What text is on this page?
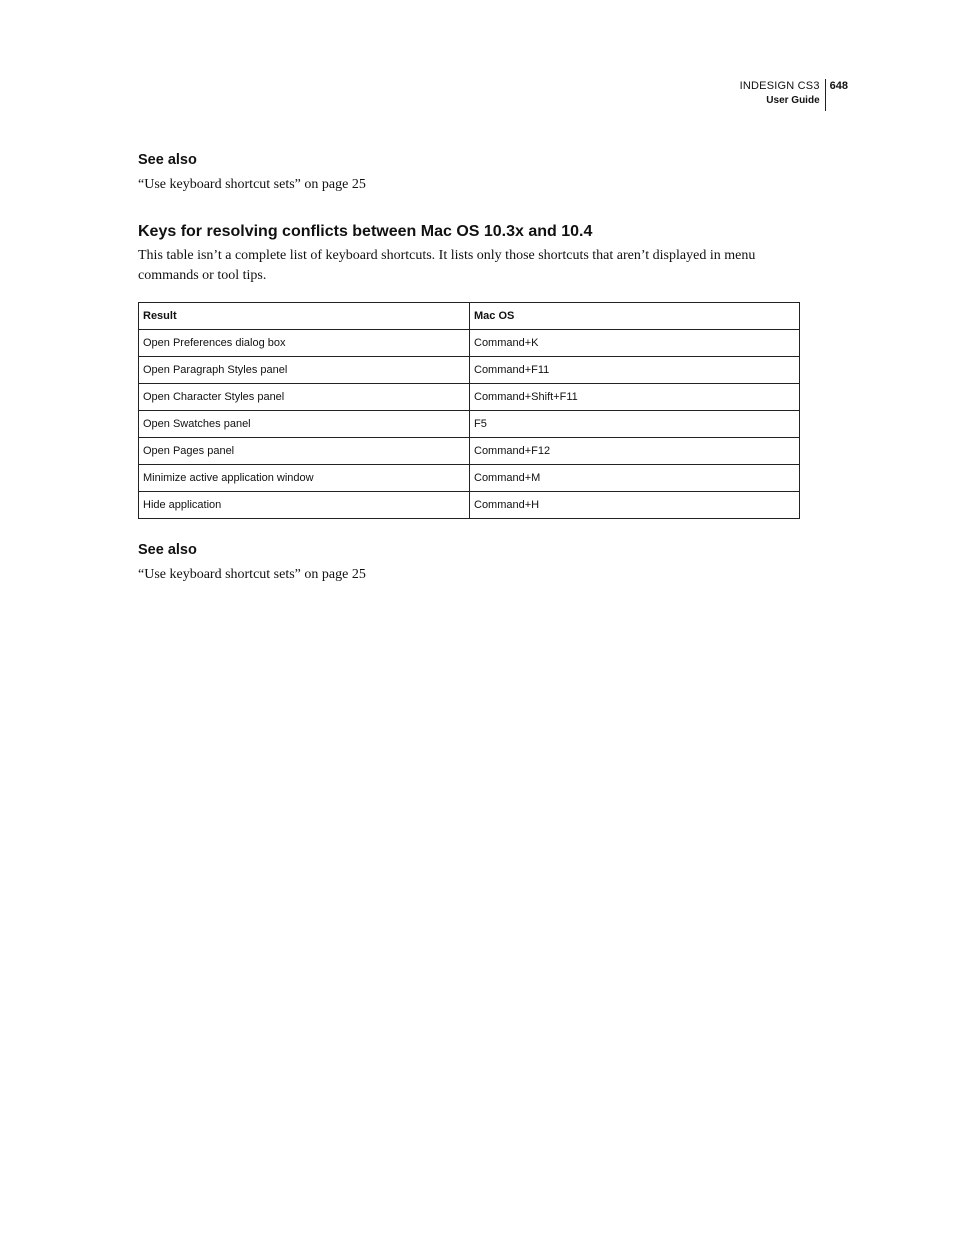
INDESIGN CS3
User Guide
648
See also

“Use keyboard shortcut sets” on page 25

Keys for resolving conflicts between Mac OS 10.3x and 10.4

This table isn’t a complete list of keyboard shortcuts. It lists only those shortcuts that aren’t displayed in menu commands or tool tips.

Result	Mac OS
Open Preferences dialog box	Command+K
Open Paragraph Styles panel	Command+F11
Open Character Styles panel	Command+Shift+F11
Open Swatches panel	F5
Open Pages panel	Command+F12
Minimize active application window	Command+M
Hide application	Command+H
See also

“Use keyboard shortcut sets” on page 25
